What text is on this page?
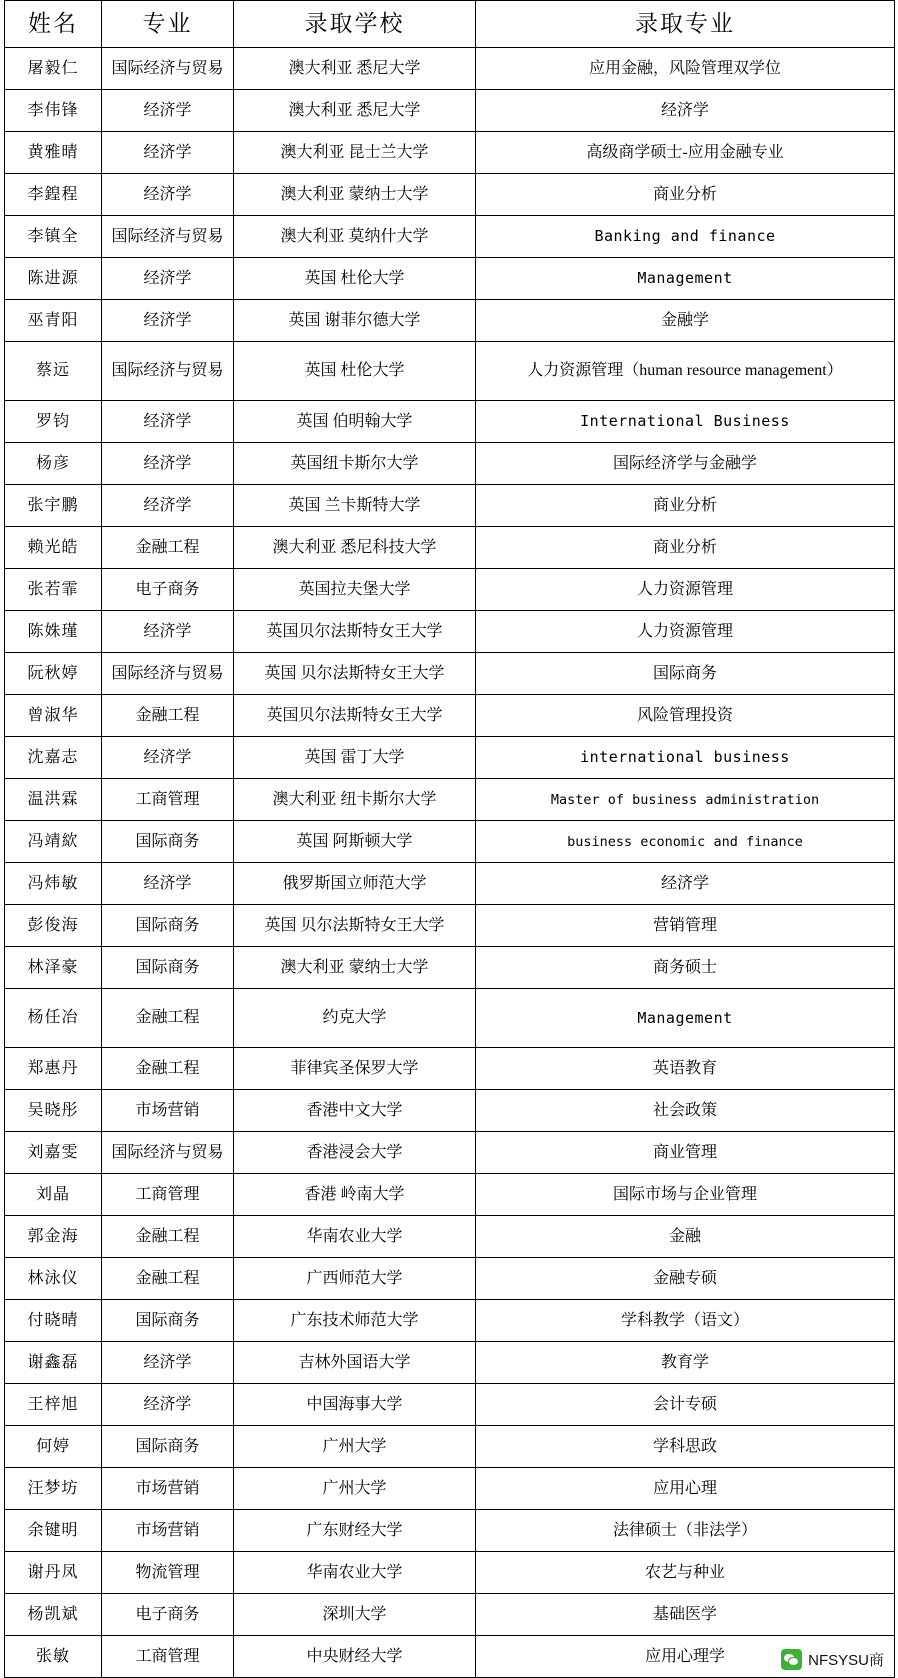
姓名	专业	录取学校	录取专业
屠毅仁	国际经济与贸易	澳大利亚 悉尼大学	应用金融，风险管理双学位
李伟锋	经济学	澳大利亚 悉尼大学	经济学
黄雅晴	经济学	澳大利亚 昆士兰大学	高级商学硕士-应用金融专业
李鍠程	经济学	澳大利亚 蒙纳士大学	商业分析
李镇全	国际经济与贸易	澳大利亚 莫纳什大学	Banking and finance
陈进源	经济学	英国 杜伦大学	Management
巫青阳	经济学	英国 谢菲尔德大学	金融学
蔡远	国际经济与贸易	英国 杜伦大学	人力资源管理（human resource management）

罗钧	经济学	英国 伯明翰大学	International Business
杨彦	经济学	英国纽卡斯尔大学	国际经济学与金融学
张宇鹏	经济学	英国 兰卡斯特大学	商业分析
赖光皓	金融工程	澳大利亚 悉尼科技大学	商业分析
张若霏	电子商务	英国拉夫堡大学	人力资源管理
陈姝瑾	经济学	英国贝尔法斯特女王大学	人力资源管理
阮秋婷	国际经济与贸易	英国 贝尔法斯特女王大学	国际商务
曾淑华	金融工程	英国贝尔法斯特女王大学	风险管理投资
沈嘉志	经济学	英国 雷丁大学	international business
温洪霖	工商管理	澳大利亚 纽卡斯尔大学	Master of business administration
冯靖絘	国际商务	英国 阿斯顿大学	business economic and finance
冯炜敏	经济学	俄罗斯国立师范大学	经济学
彭俊海	国际商务	英国 贝尔法斯特女王大学	营销管理
林泽豪	国际商务	澳大利亚 蒙纳士大学	商务硕士
杨任冶	金融工程	约克大学	Management

郑惠丹	金融工程	菲律宾圣保罗大学	英语教育
吴晓彤	市场营销	香港中文大学	社会政策
刘嘉雯	国际经济与贸易	香港浸会大学	商业管理
刘晶	工商管理	香港 岭南大学	国际市场与企业管理
郭金海	金融工程	华南农业大学	金融
林泳仪	金融工程	广西师范大学	金融专硕
付晓晴	国际商务	广东技术师范大学	学科教学（语文）
谢鑫磊	经济学	吉林外国语大学	教育学
王梓旭	经济学	中国海事大学	会计专硕
何婷	国际商务	广州大学	学科思政
汪梦坊	市场营销	广州大学	应用心理
余键明	市场营销	广东财经大学	法律硕士（非法学）
谢丹凤	物流管理	华南农业大学	农艺与种业
杨凯斌	电子商务	深圳大学	基础医学
张敏	工商管理	中央财经大学	应用心理学	NFSYSU商
